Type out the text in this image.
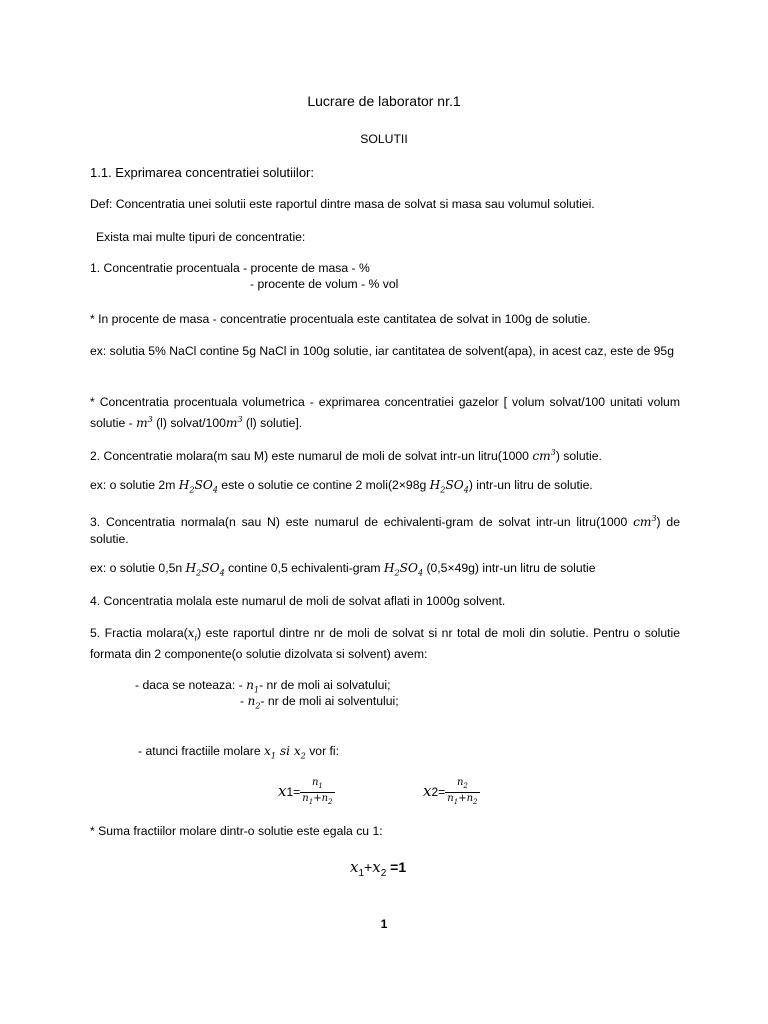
Lucrare de laborator nr.1
SOLUTII
1.1. Exprimarea concentratiei solutiilor:
Def: Concentratia unei solutii este raportul dintre masa de solvat si masa sau volumul solutiei.
Exista mai multe tipuri de concentratie:
1. Concentratie procentuala - procente de masa - %
- procente de volum - % vol
* In procente de masa - concentratie procentuala este cantitatea de solvat in 100g de solutie.
ex: solutia 5% NaCl contine 5g NaCl in 100g solutie, iar cantitatea de solvent(apa), in acest caz, este de 95g
* Concentratia procentuala volumetrica - exprimarea concentratiei gazelor [ volum solvat/100 unitati volum solutie - $m^3$ (l) solvat/$100m^3$ (l) solutie].
2. Concentratie molara(m sau M) este numarul de moli de solvat intr-un litru(1000 $cm^3$) solutie.
ex: o solutie 2m $H_2SO_4$ este o solutie ce contine 2 moli(2×98g $H_2SO_4$) intr-un litru de solutie.
3. Concentratia normala(n sau N) este numarul de echivalenti-gram de solvat intr-un litru(1000 $cm^3$) de solutie.
ex: o solutie 0,5n $H_2SO_4$ contine 0,5 echivalenti-gram $H_2SO_4$ (0,5×49g) intr-un litru de solutie
4. Concentratia molala este numarul de moli de solvat aflati in 1000g solvent.
5. Fractia $molara(x_i)$ este raportul dintre nr de moli de solvat si nr total de moli din solutie. Pentru o solutie formata din 2 componente(o solutie dizolvata si solvent) avem:
- daca se noteaza: - $n_1-$ nr de moli ai solvatului;
- $n_2-$ nr de moli ai solventului;
- atunci fractiile molare $x_1$ si $x_2$ vor fi:
$x1= \frac{n_1}{n_1+n_2}$	$x2= \frac{n_2}{n_1+n_2}$
* Suma fractiilor molare dintr-o solutie este egala cu 1:
$x_1+x_2 =1$
1
